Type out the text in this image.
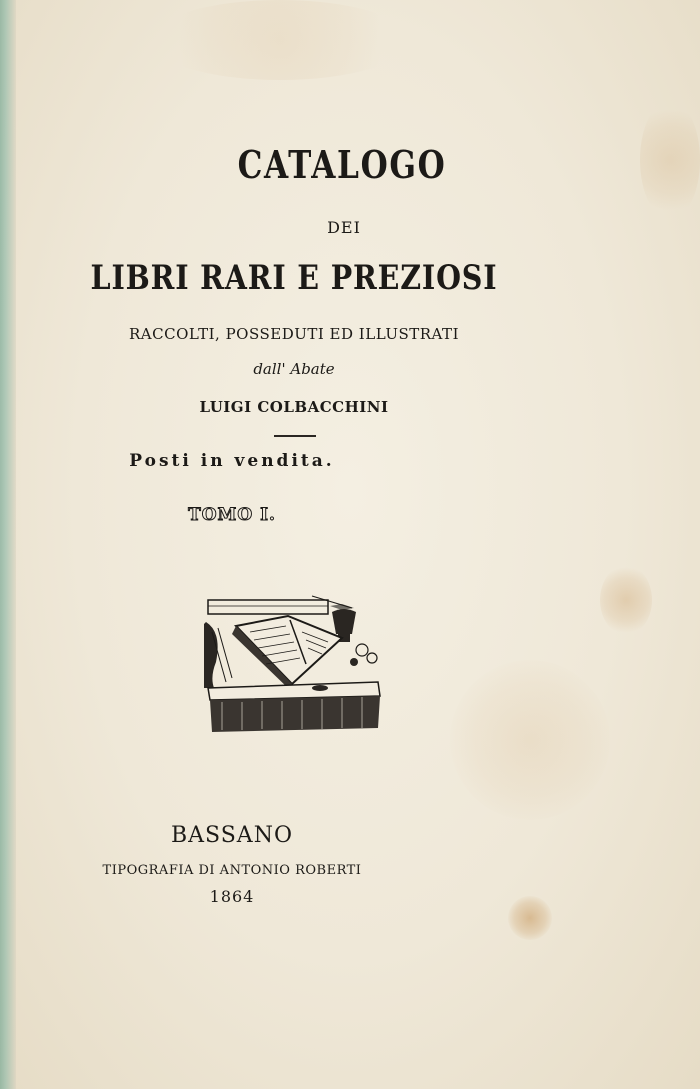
CATALOGO
DEI
LIBRI RARI E PREZIOSI
RACCOLTI, POSSEDUTI ED ILLUSTRATI
dall' Abate
LUIGI COLBACCHINI
Posti in vendita.
TOMO I.
BASSANO
TIPOGRAFIA DI ANTONIO ROBERTI
1864
